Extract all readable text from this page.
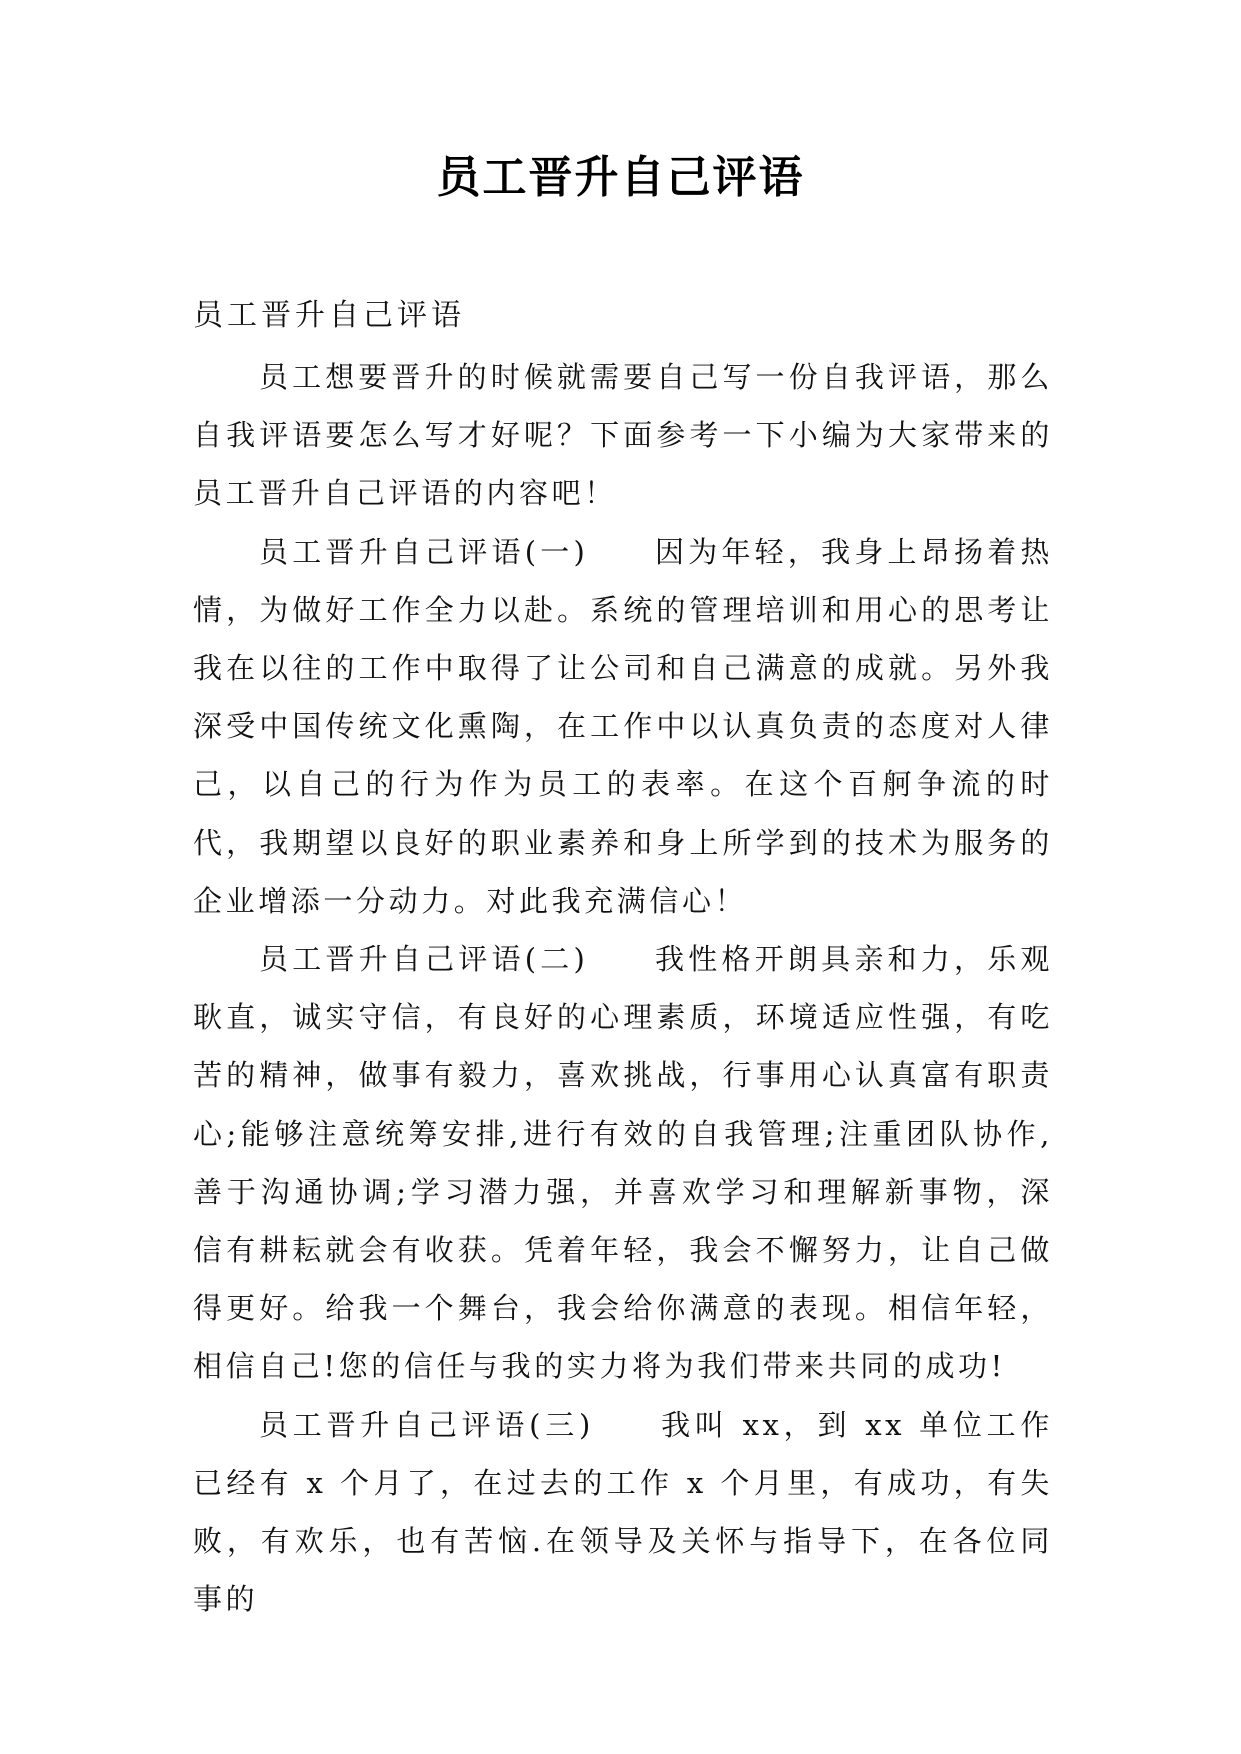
员工晋升自己评语
员工晋升自己评语

员工想要晋升的时候就需要自己写一份自我评语，那么自我评语要怎么写才好呢？下面参考一下小编为大家带来的员工晋升自己评语的内容吧！

员工晋升自己评语(一) 因为年轻，我身上昂扬着热情，为做好工作全力以赴。系统的管理培训和用心的思考让我在以往的工作中取得了让公司和自己满意的成就。另外我深受中国传统文化熏陶，在工作中以认真负责的态度对人律己，以自己的行为作为员工的表率。在这个百舸争流的时代，我期望以良好的职业素养和身上所学到的技术为服务的企业增添一分动力。对此我充满信心！

员工晋升自己评语(二) 我性格开朗具亲和力，乐观耿直，诚实守信，有良好的心理素质，环境适应性强，有吃苦的精神，做事有毅力，喜欢挑战，行事用心认真富有职责心;能够注意统筹安排,进行有效的自我管理;注重团队协作,善于沟通协调;学习潜力强，并喜欢学习和理解新事物，深信有耕耘就会有收获。凭着年轻，我会不懈努力，让自己做得更好。给我一个舞台，我会给你满意的表现。相信年轻，相信自己!您的信任与我的实力将为我们带来共同的成功!

员工晋升自己评语(三) 我叫 xx，到 xx 单位工作已经有 x 个月了，在过去的工作 x 个月里，有成功，有失败，有欢乐，也有苦恼.在领导及关怀与指导下，在各位同事的
